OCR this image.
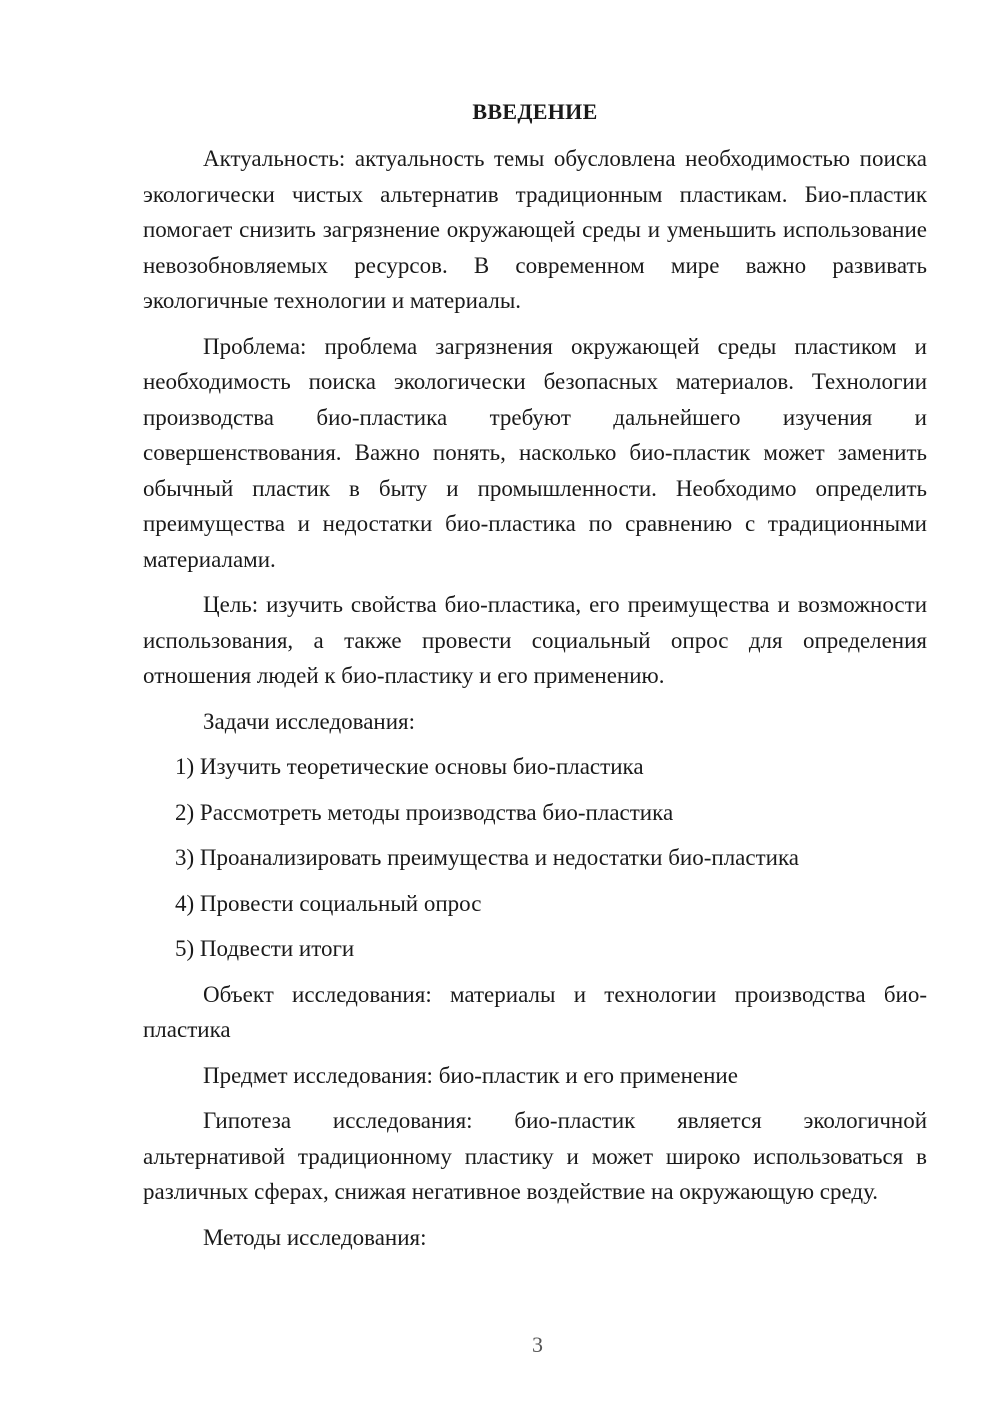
ВВЕДЕНИЕ

Актуальность: актуальность темы обусловлена необходимостью поиска экологически чистых альтернатив традиционным пластикам. Био-пластик помогает снизить загрязнение окружающей среды и уменьшить использование невозобновляемых ресурсов. В современном мире важно развивать экологичные технологии и материалы.

Проблема: проблема загрязнения окружающей среды пластиком и необходимость поиска экологически безопасных материалов. Технологии производства био-пластика требуют дальнейшего изучения и совершенствования. Важно понять, насколько био-пластик может заменить обычный пластик в быту и промышленности. Необходимо определить преимущества и недостатки био-пластика по сравнению с традиционными материалами.

Цель: изучить свойства био-пластика, его преимущества и возможности использования, а также провести социальный опрос для определения отношения людей к био-пластику и его применению.

Задачи исследования:

1) Изучить теоретические основы био-пластика
2) Рассмотреть методы производства био-пластика
3) Проанализировать преимущества и недостатки био-пластика
4) Провести социальный опрос
5) Подвести итоги

Объект исследования: материалы и технологии производства био-пластика

Предмет исследования: био-пластик и его применение

Гипотеза исследования: био-пластик является экологичной альтернативой традиционному пластику и может широко использоваться в различных сферах, снижая негативное воздействие на окружающую среду.

Методы исследования:

3
